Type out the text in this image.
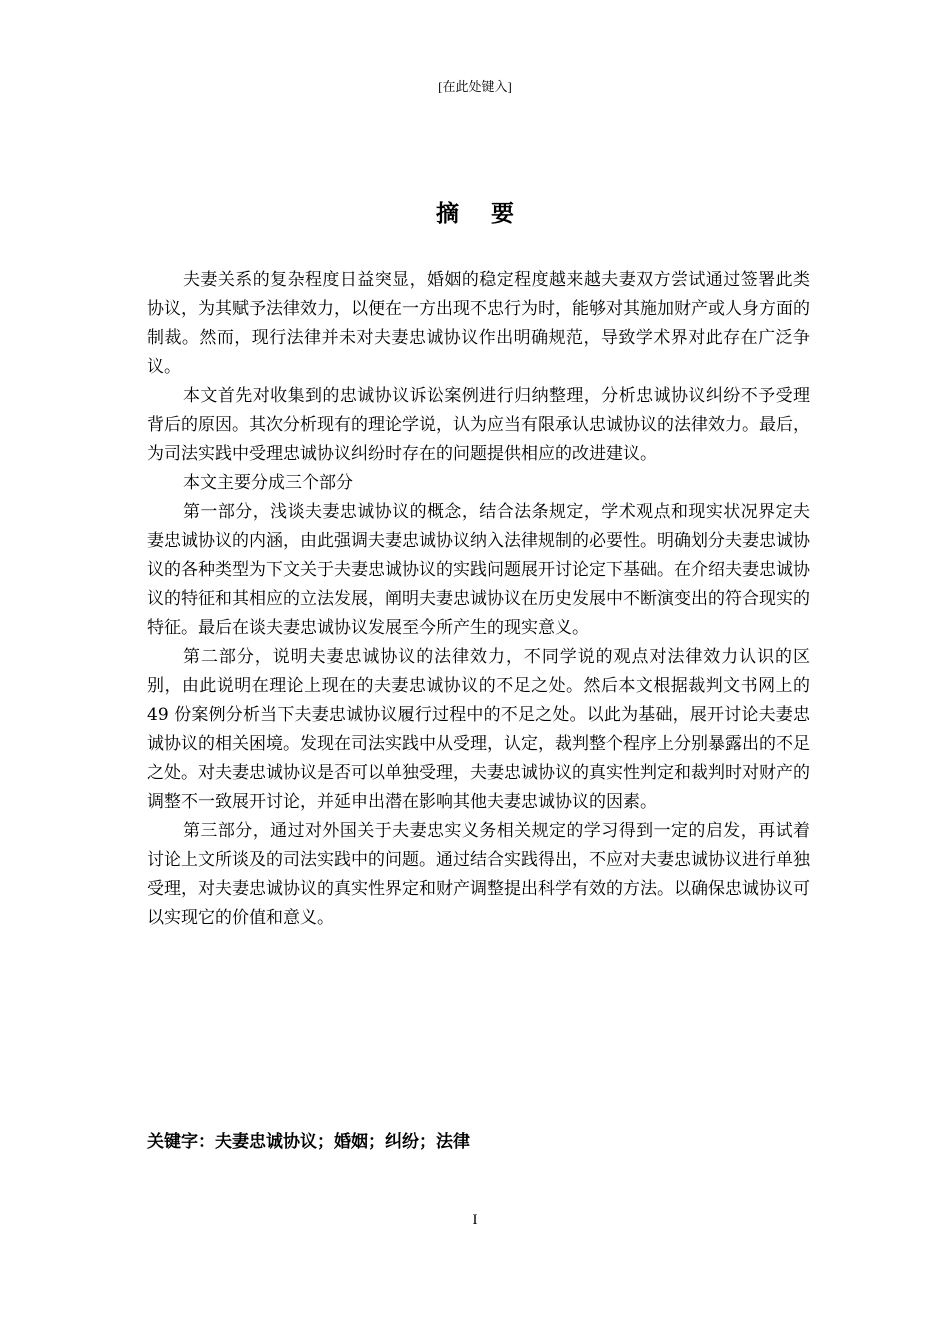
[在此处键入]
摘要

夫妻关系的复杂程度日益突显，婚姻的稳定程度越来越夫妻双方尝试通过签署此类协议，为其赋予法律效力，以便在一方出现不忠行为时，能够对其施加财产或人身方面的制裁。然而，现行法律并未对夫妻忠诚协议作出明确规范，导致学术界对此存在广泛争议。

本文首先对收集到的忠诚协议诉讼案例进行归纳整理，分析忠诚协议纠纷不予受理背后的原因。其次分析现有的理论学说，认为应当有限承认忠诚协议的法律效力。最后，为司法实践中受理忠诚协议纠纷时存在的问题提供相应的改进建议。

本文主要分成三个部分

第一部分，浅谈夫妻忠诚协议的概念，结合法条规定，学术观点和现实状况界定夫妻忠诚协议的内涵，由此强调夫妻忠诚协议纳入法律规制的必要性。明确划分夫妻忠诚协议的各种类型为下文关于夫妻忠诚协议的实践问题展开讨论定下基础。在介绍夫妻忠诚协议的特征和其相应的立法发展，阐明夫妻忠诚协议在历史发展中不断演变出的符合现实的特征。最后在谈夫妻忠诚协议发展至今所产生的现实意义。

第二部分，说明夫妻忠诚协议的法律效力，不同学说的观点对法律效力认识的区别，由此说明在理论上现在的夫妻忠诚协议的不足之处。然后本文根据裁判文书网上的 49 份案例分析当下夫妻忠诚协议履行过程中的不足之处。以此为基础，展开讨论夫妻忠诚协议的相关困境。发现在司法实践中从受理，认定，裁判整个程序上分别暴露出的不足之处。对夫妻忠诚协议是否可以单独受理，夫妻忠诚协议的真实性判定和裁判时对财产的调整不一致展开讨论，并延申出潜在影响其他夫妻忠诚协议的因素。

第三部分，通过对外国关于夫妻忠实义务相关规定的学习得到一定的启发，再试着讨论上文所谈及的司法实践中的问题。通过结合实践得出，不应对夫妻忠诚协议进行单独受理，对夫妻忠诚协议的真实性界定和财产调整提出科学有效的方法。以确保忠诚协议可以实现它的价值和意义。

关键字：夫妻忠诚协议；婚姻；纠纷；法律
I
